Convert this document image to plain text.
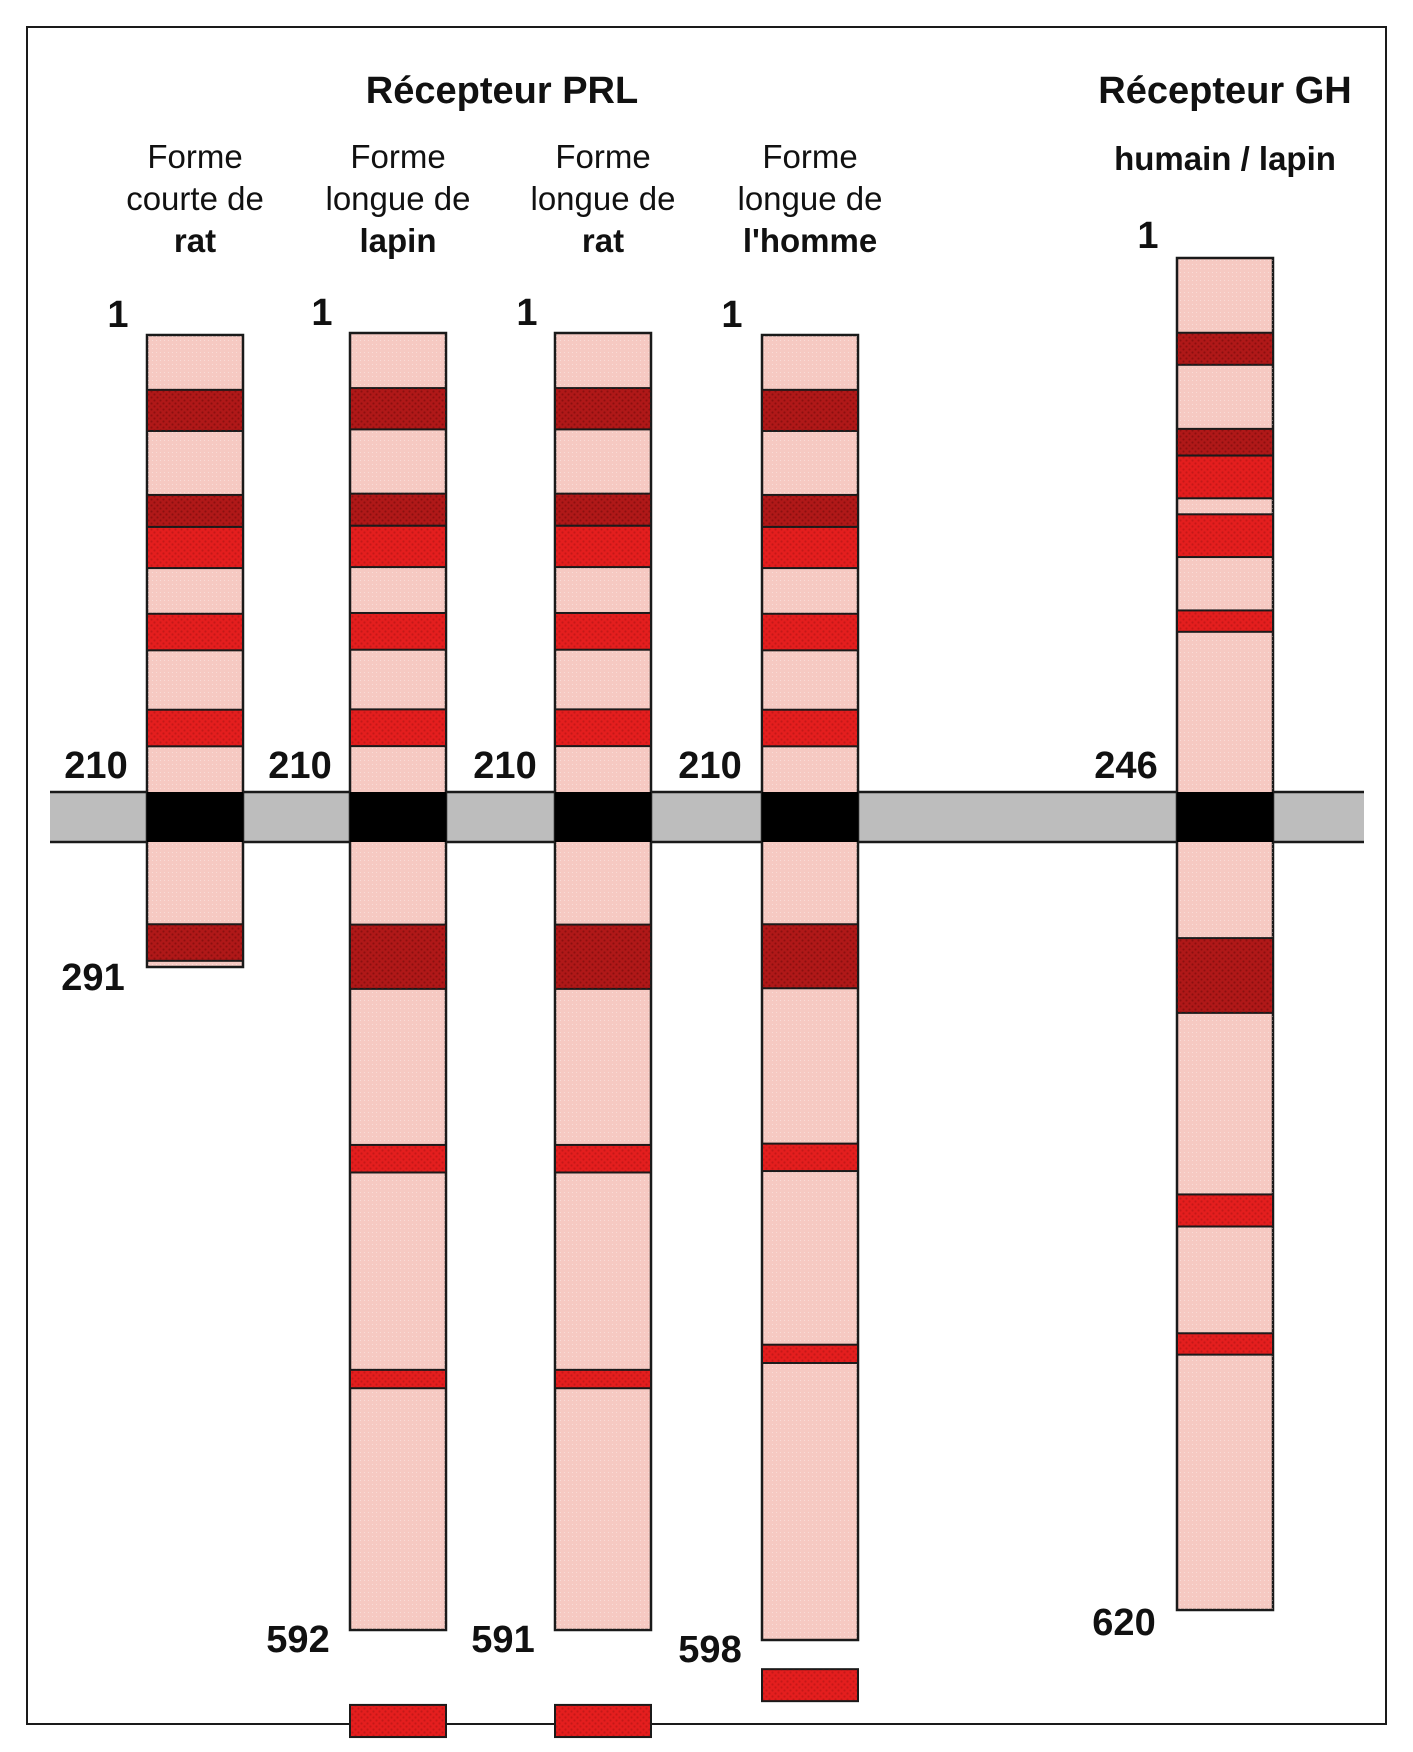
Forme
courte de
rat
1
210
291
Forme
longue de
lapin
1
210
592
Forme
longue de
rat
1
210
591
Forme
longue de
l'homme
1
210
598
humain / lapin
1
246
620
Récepteur PRL	Récepteur GH
